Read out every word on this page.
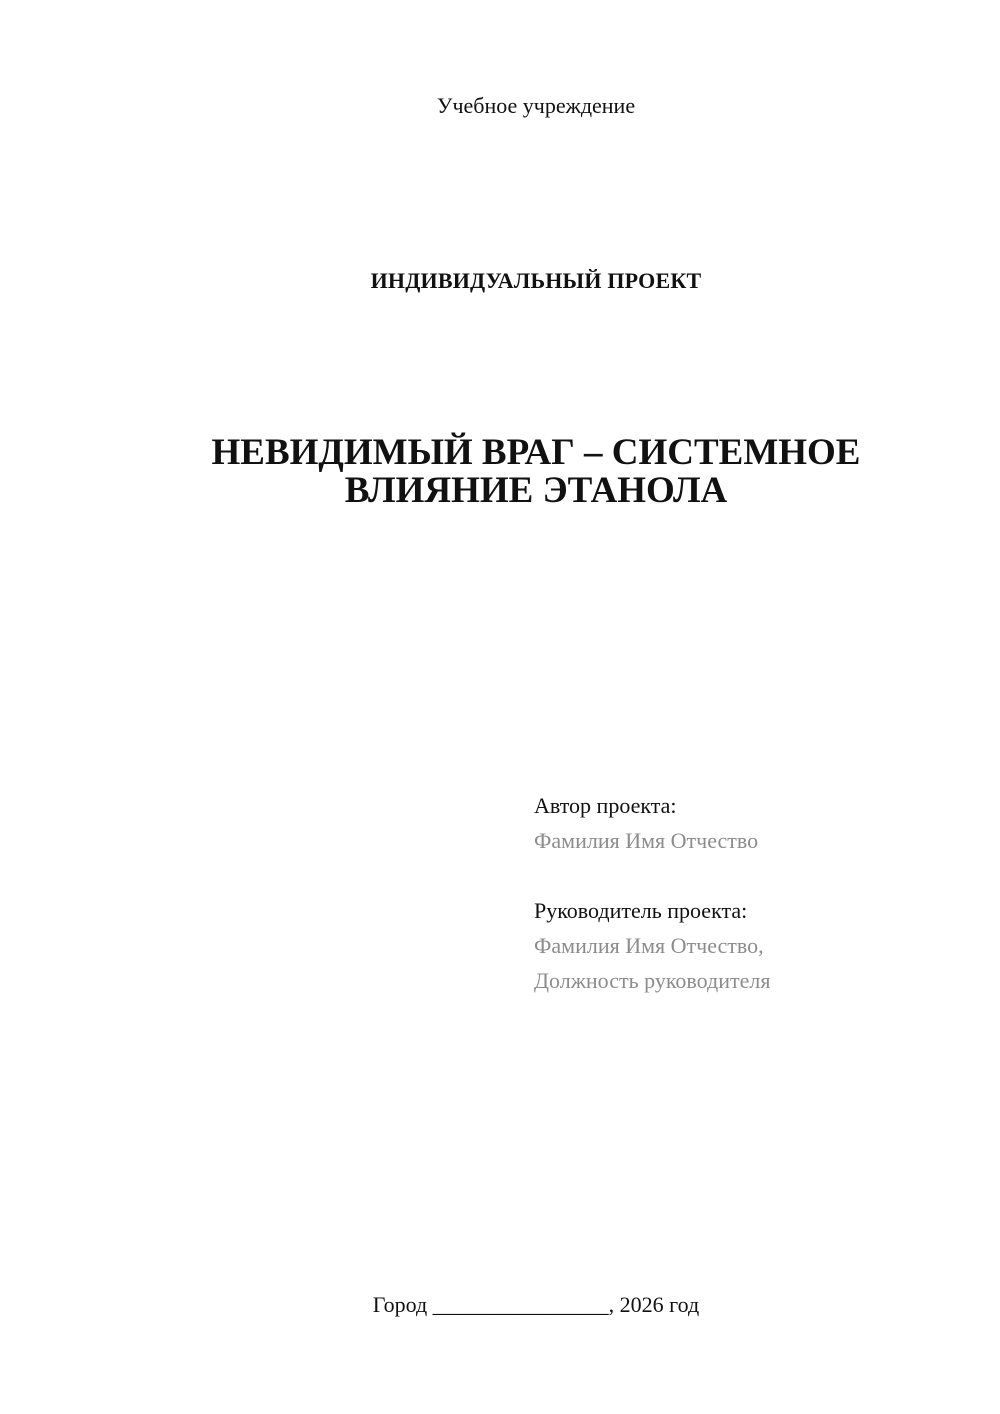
Учебное учреждение
ИНДИВИДУАЛЬНЫЙ ПРОЕКТ
НЕВИДИМЫЙ ВРАГ – СИСТЕМНОЕ
ВЛИЯНИЕ ЭТАНОЛА
Автор проекта:
Фамилия Имя Отчество
Руководитель проекта:
Фамилия Имя Отчество,
Должность руководителя
Город ________________, 2026 год
